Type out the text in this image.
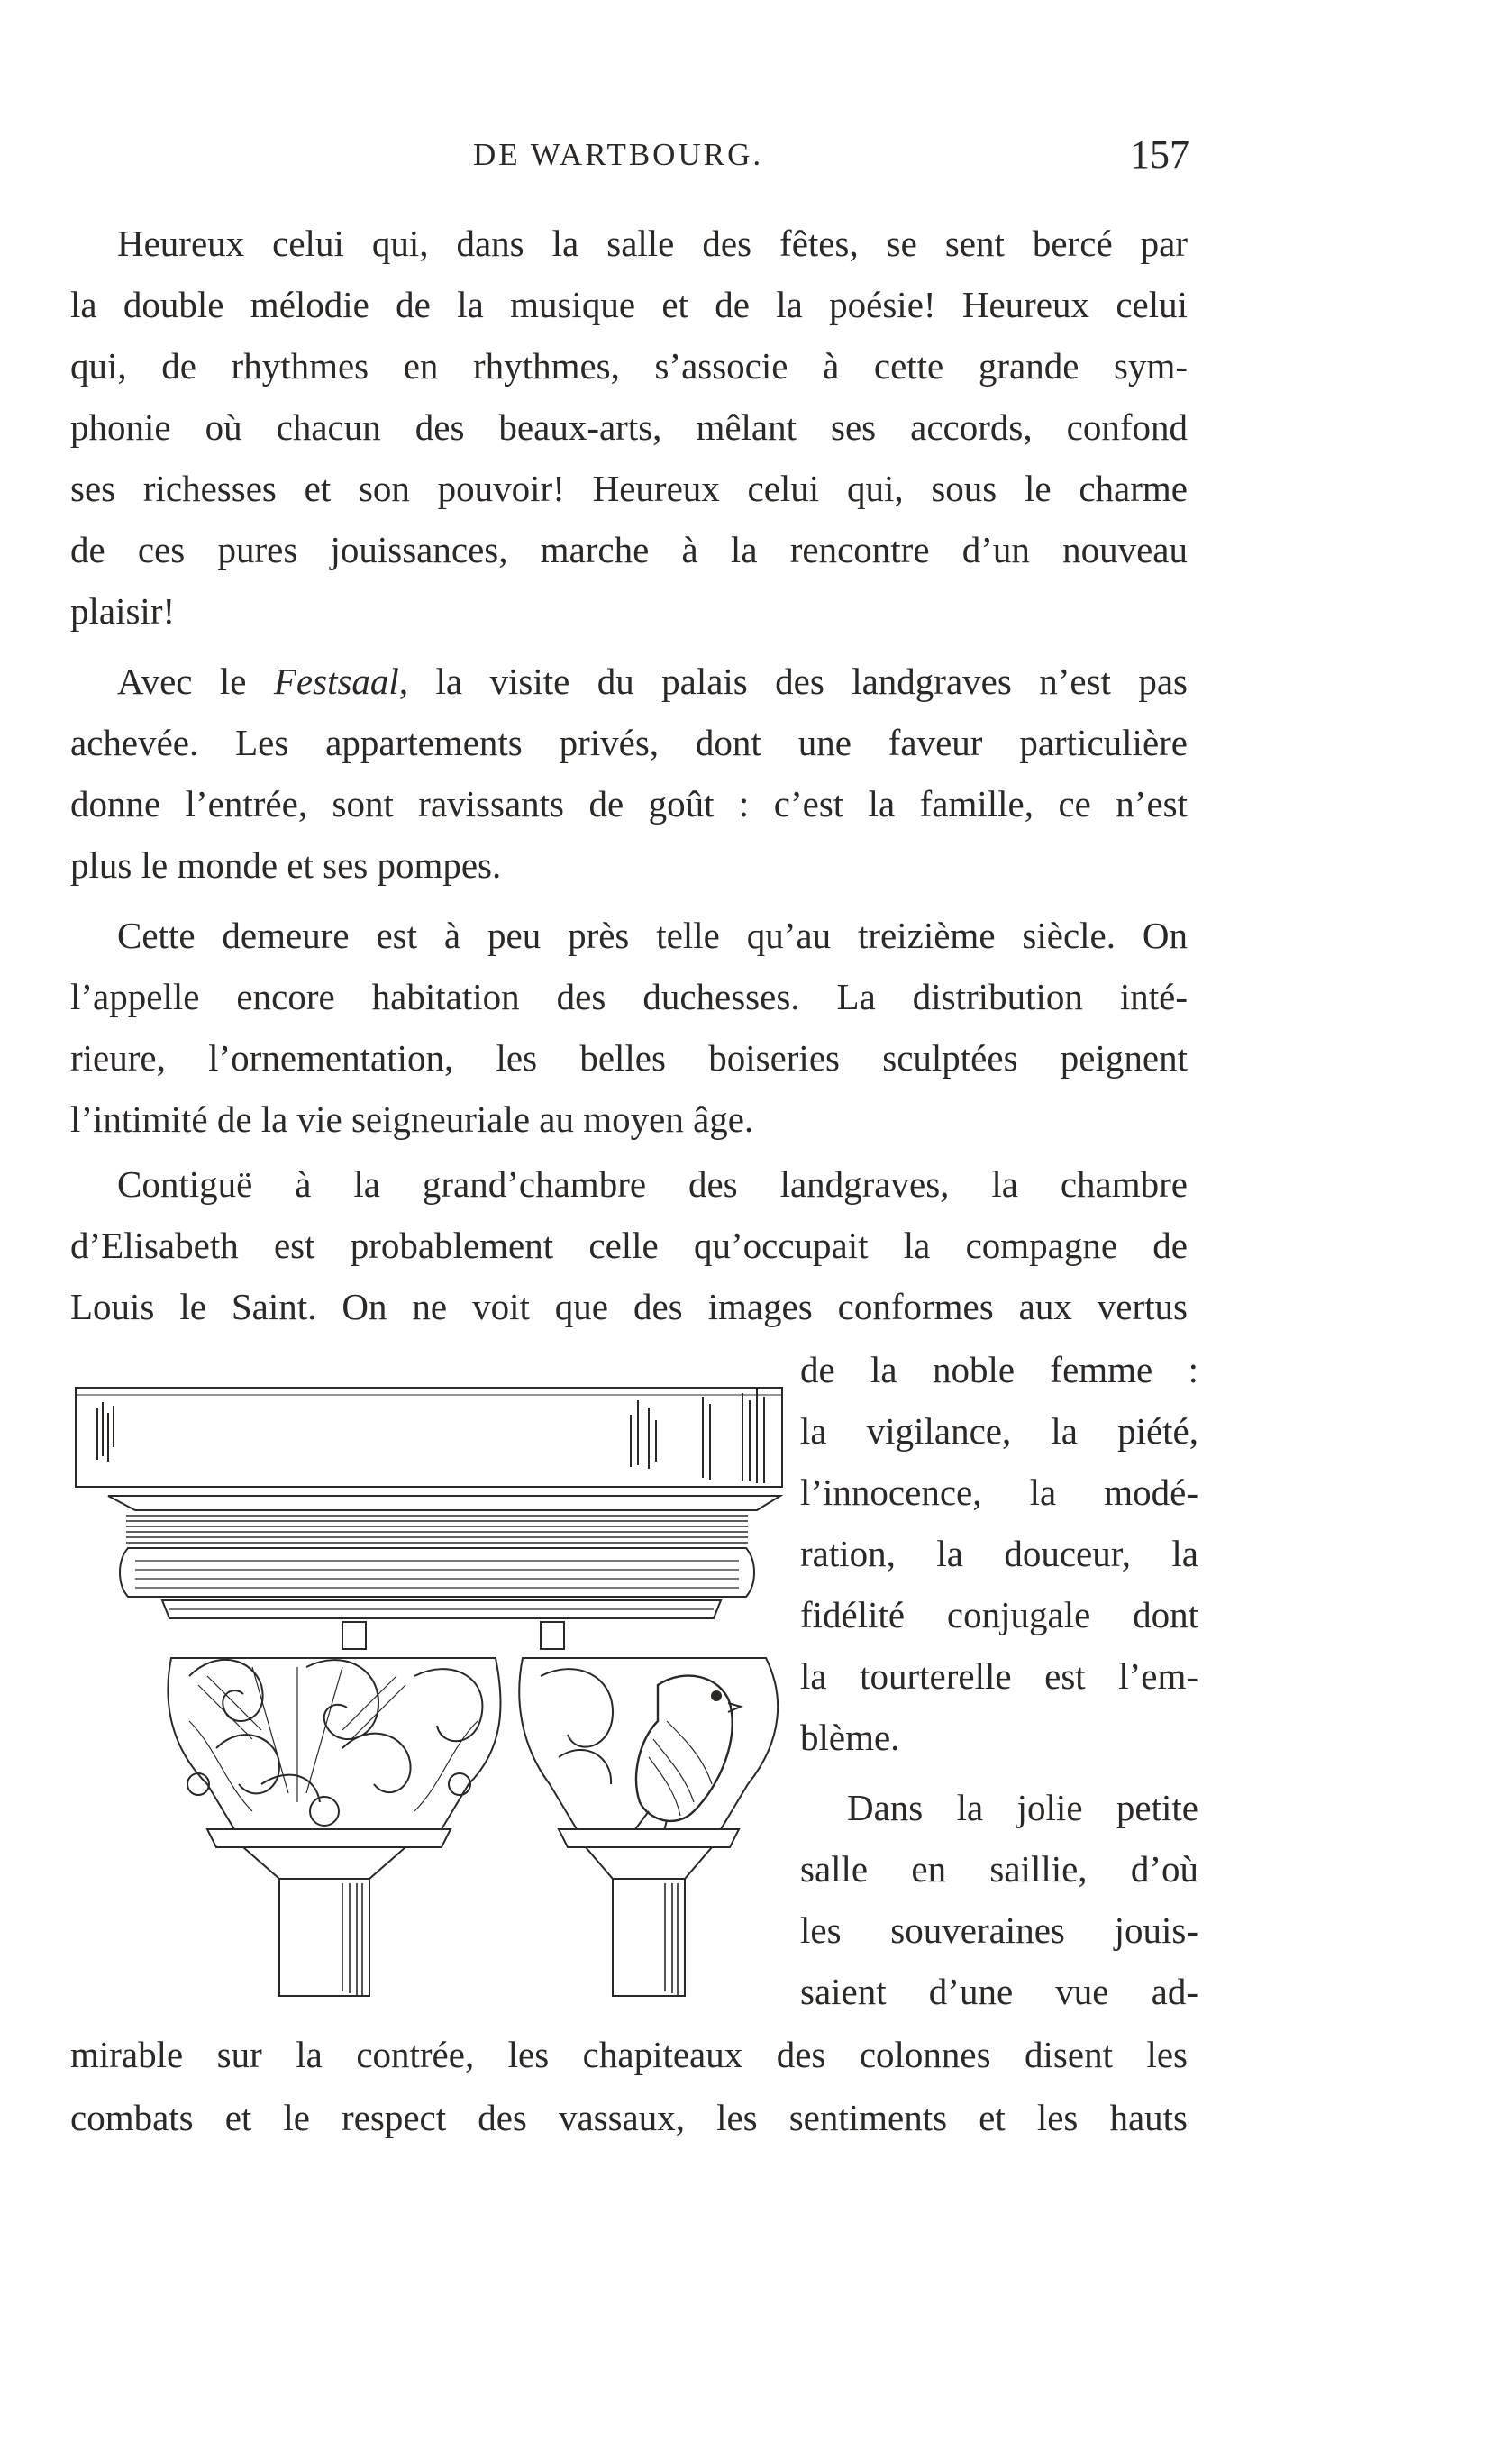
DE WARTBOURG.	157
Heureux celui qui, dans la salle des fêtes, se sent bercé par
la double mélodie de la musique et de la poésie! Heureux celui
qui, de rhythmes en rhythmes, s’associe à cette grande sym-
phonie où chacun des beaux-arts, mêlant ses accords, confond
ses richesses et son pouvoir! Heureux celui qui, sous le charme
de ces pures jouissances, marche à la rencontre d’un nouveau
plaisir!
Avec le Festsaal, la visite du palais des landgraves n’est pas
achevée. Les appartements privés, dont une faveur particulière
donne l’entrée, sont ravissants de goût : c’est la famille, ce n’est
plus le monde et ses pompes.
Cette demeure est à peu près telle qu’au treizième siècle. On
l’appelle encore habitation des duchesses. La distribution inté-
rieure, l’ornementation, les belles boiseries sculptées peignent
l’intimité de la vie seigneuriale au moyen âge.
Contiguë à la grand’chambre des landgraves, la chambre
d’Elisabeth est probablement celle qu’occupait la compagne de
Louis le Saint. On ne voit que des images conformes aux vertus
de la noble femme :
la vigilance, la piété,
l’innocence, la modé-
ration, la douceur, la
fidélité conjugale dont
la tourterelle est l’em-
blème.
Dans la jolie petite
salle en saillie, d’où
les souveraines jouis-
saient d’une vue ad-
mirable sur la contrée, les chapiteaux des colonnes disent les
combats et le respect des vassaux, les sentiments et les hauts
